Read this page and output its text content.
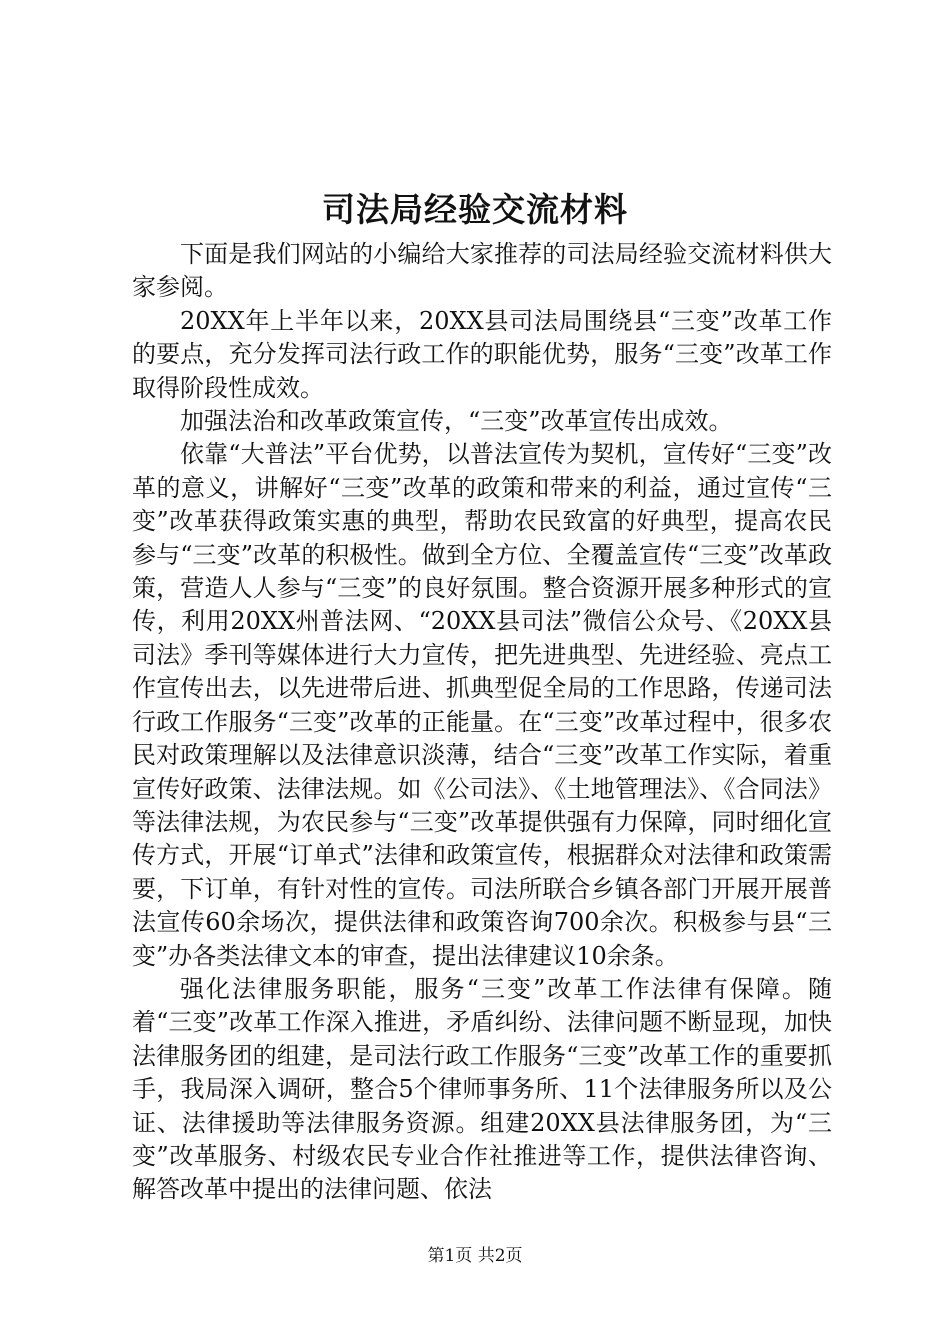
司法局经验交流材料

下面是我们网站的小编给大家推荐的司法局经验交流材料供大家参阅。

20XX年上半年以来，20XX县司法局围绕县“三变”改革工作的要点，充分发挥司法行政工作的职能优势，服务“三变”改革工作取得阶段性成效。

加强法治和改革政策宣传，“三变”改革宣传出成效。

依靠“大普法”平台优势，以普法宣传为契机，宣传好“三变”改革的意义，讲解好“三变”改革的政策和带来的利益，通过宣传“三变”改革获得政策实惠的典型，帮助农民致富的好典型，提高农民参与“三变”改革的积极性。做到全方位、全覆盖宣传“三变”改革政策，营造人人参与“三变”的良好氛围。整合资源开展多种形式的宣传，利用20XX州普法网、“20XX县司法”微信公众号、《20XX县司法》季刊等媒体进行大力宣传，把先进典型、先进经验、亮点工作宣传出去，以先进带后进、抓典型促全局的工作思路，传递司法行政工作服务“三变”改革的正能量。在“三变”改革过程中，很多农民对政策理解以及法律意识淡薄，结合“三变”改革工作实际，着重宣传好政策、法律法规。如《公司法》、《土地管理法》、《合同法》等法律法规，为农民参与“三变”改革提供强有力保障，同时细化宣传方式，开展“订单式”法律和政策宣传，根据群众对法律和政策需要，下订单，有针对性的宣传。司法所联合乡镇各部门开展开展普法宣传60余场次，提供法律和政策咨询700余次。积极参与县“三变”办各类法律文本的审查，提出法律建议10余条。

强化法律服务职能，服务“三变”改革工作法律有保障。随着“三变”改革工作深入推进，矛盾纠纷、法律问题不断显现，加快法律服务团的组建，是司法行政工作服务“三变”改革工作的重要抓手，我局深入调研，整合5个律师事务所、11个法律服务所以及公证、法律援助等法律服务资源。组建20XX县法律服务团，为“三变”改革服务、村级农民专业合作社推进等工作，提供法律咨询、解答改革中提出的法律问题、依法

第1页 共2页
